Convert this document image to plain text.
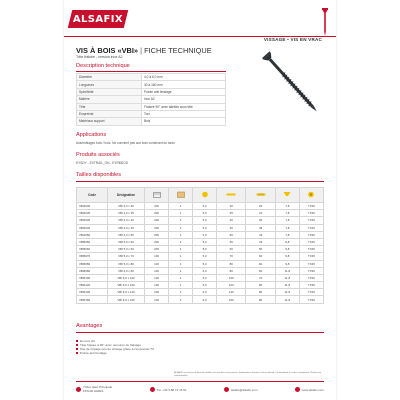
ALSAFIX
VISSAGE • VIS EN VRAC
VIS À BOIS «VBI» | FICHE TECHNIQUE
Tête fraisée - version inox A2
Description technique
Diamètre	4,0 à 6,0 mm
Longueurs	30 à 160 mm
Spécificité	Pointe anti fendage
Matière	Inox A2
Tête	Fraisée 90° avec ailettes sous tête
Empreinte	Torx
Matériaux support	Bois
Applications
Assemblages bois / bois. Ne convient pas aux bois contenant du tanin
Produits associés
KYSDY - EXTRAIL_ON - EYRBDOD
Tailles disponibles
Code	Désignation							
VBI4030	VBI 4,0 x 30	200	1	5,0	30	26	7,8	TX20
VBI4035	VBI 4,0 x 35	200	1	5,0	35	31	7,8	TX20
VBI4040	VBI 4,0 x 40	200	1	5,0	40	36	7,8	TX20
VBI4045	VBI 4,0 x 45	200	1	5,0	45	38	7,8	TX20
VBI4050	VBI 4,0 x 50	200	1	5,0	50	43	7,8	TX20
VBI5050	VBI 5,0 x 50	200	1	5,0	50	43	9,8	TX25
VBI5060	VBI 5,0 x 60	200	1	5,0	60	50	9,8	TX25
VBI5070	VBI 5,0 x 70	100	1	5,0	70	60	9,8	TX25
VBI5080	VBI 5,0 x 80	100	1	5,0	80	60	9,8	TX25
VBI6080	VBI 6,0 x 80	100	1	6,0	80	60	11,8	TX30
VBI6100	VBI 6,0 x 100	100	1	6,0	100	70	11,8	TX30
VBI6120	VBI 6,0 x 120	100	1	6,0	120	80	11,8	TX30
VBI6140	VBI 6,0 x 140	100	1	6,0	140	80	11,8	TX30
VBI6160	VBI 6,0 x 160	100	1	6,0	160	80	11,8	TX30
Avantages
En inox A2
Tête fraisée à 90° avec nervures de fraisage
Pas de rippage lors du vissage grâce à l'empreinte TX
Pointe anti fendage
ALSAFIX se réserve le droit de modifier ses produits sans préavis. Informations données à titre indicatif. Ce document n'est pas contractuel. Photos non contractuelles.
7 Rue Haut Principale
F67240 GRIES	Tél. +33 3 88 72 15 51	alsafix@alsafix.com	www.alsafix.com
